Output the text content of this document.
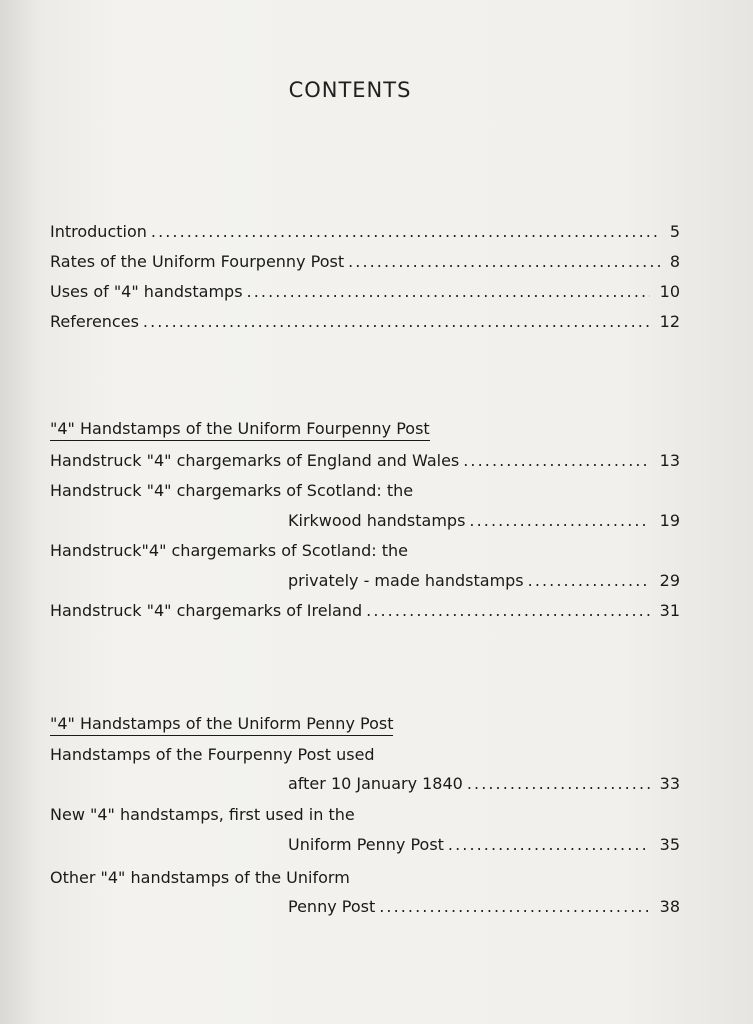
CONTENTS
Introduction . . .	5
Rates of the Uniform Fourpenny Post . . .	8
Uses of "4" handstamps . . .	10
References . . .	12
"4" Handstamps of the Uniform Fourpenny Post
Handstruck "4" chargemarks of England and Wales . . .	13
Handstruck "4" chargemarks of Scotland: the
Kirkwood handstamps . . .	19
Handstruck"4" chargemarks of Scotland: the
privately - made handstamps . . .	29
Handstruck "4" chargemarks of Ireland . . .	31
"4" Handstamps of the Uniform Penny Post
Handstamps of the Fourpenny Post used
after 10 January 1840 . . .	33
New "4" handstamps, first used in the
Uniform Penny Post . . .	35
Other "4" handstamps of the Uniform
Penny Post . . .	38
